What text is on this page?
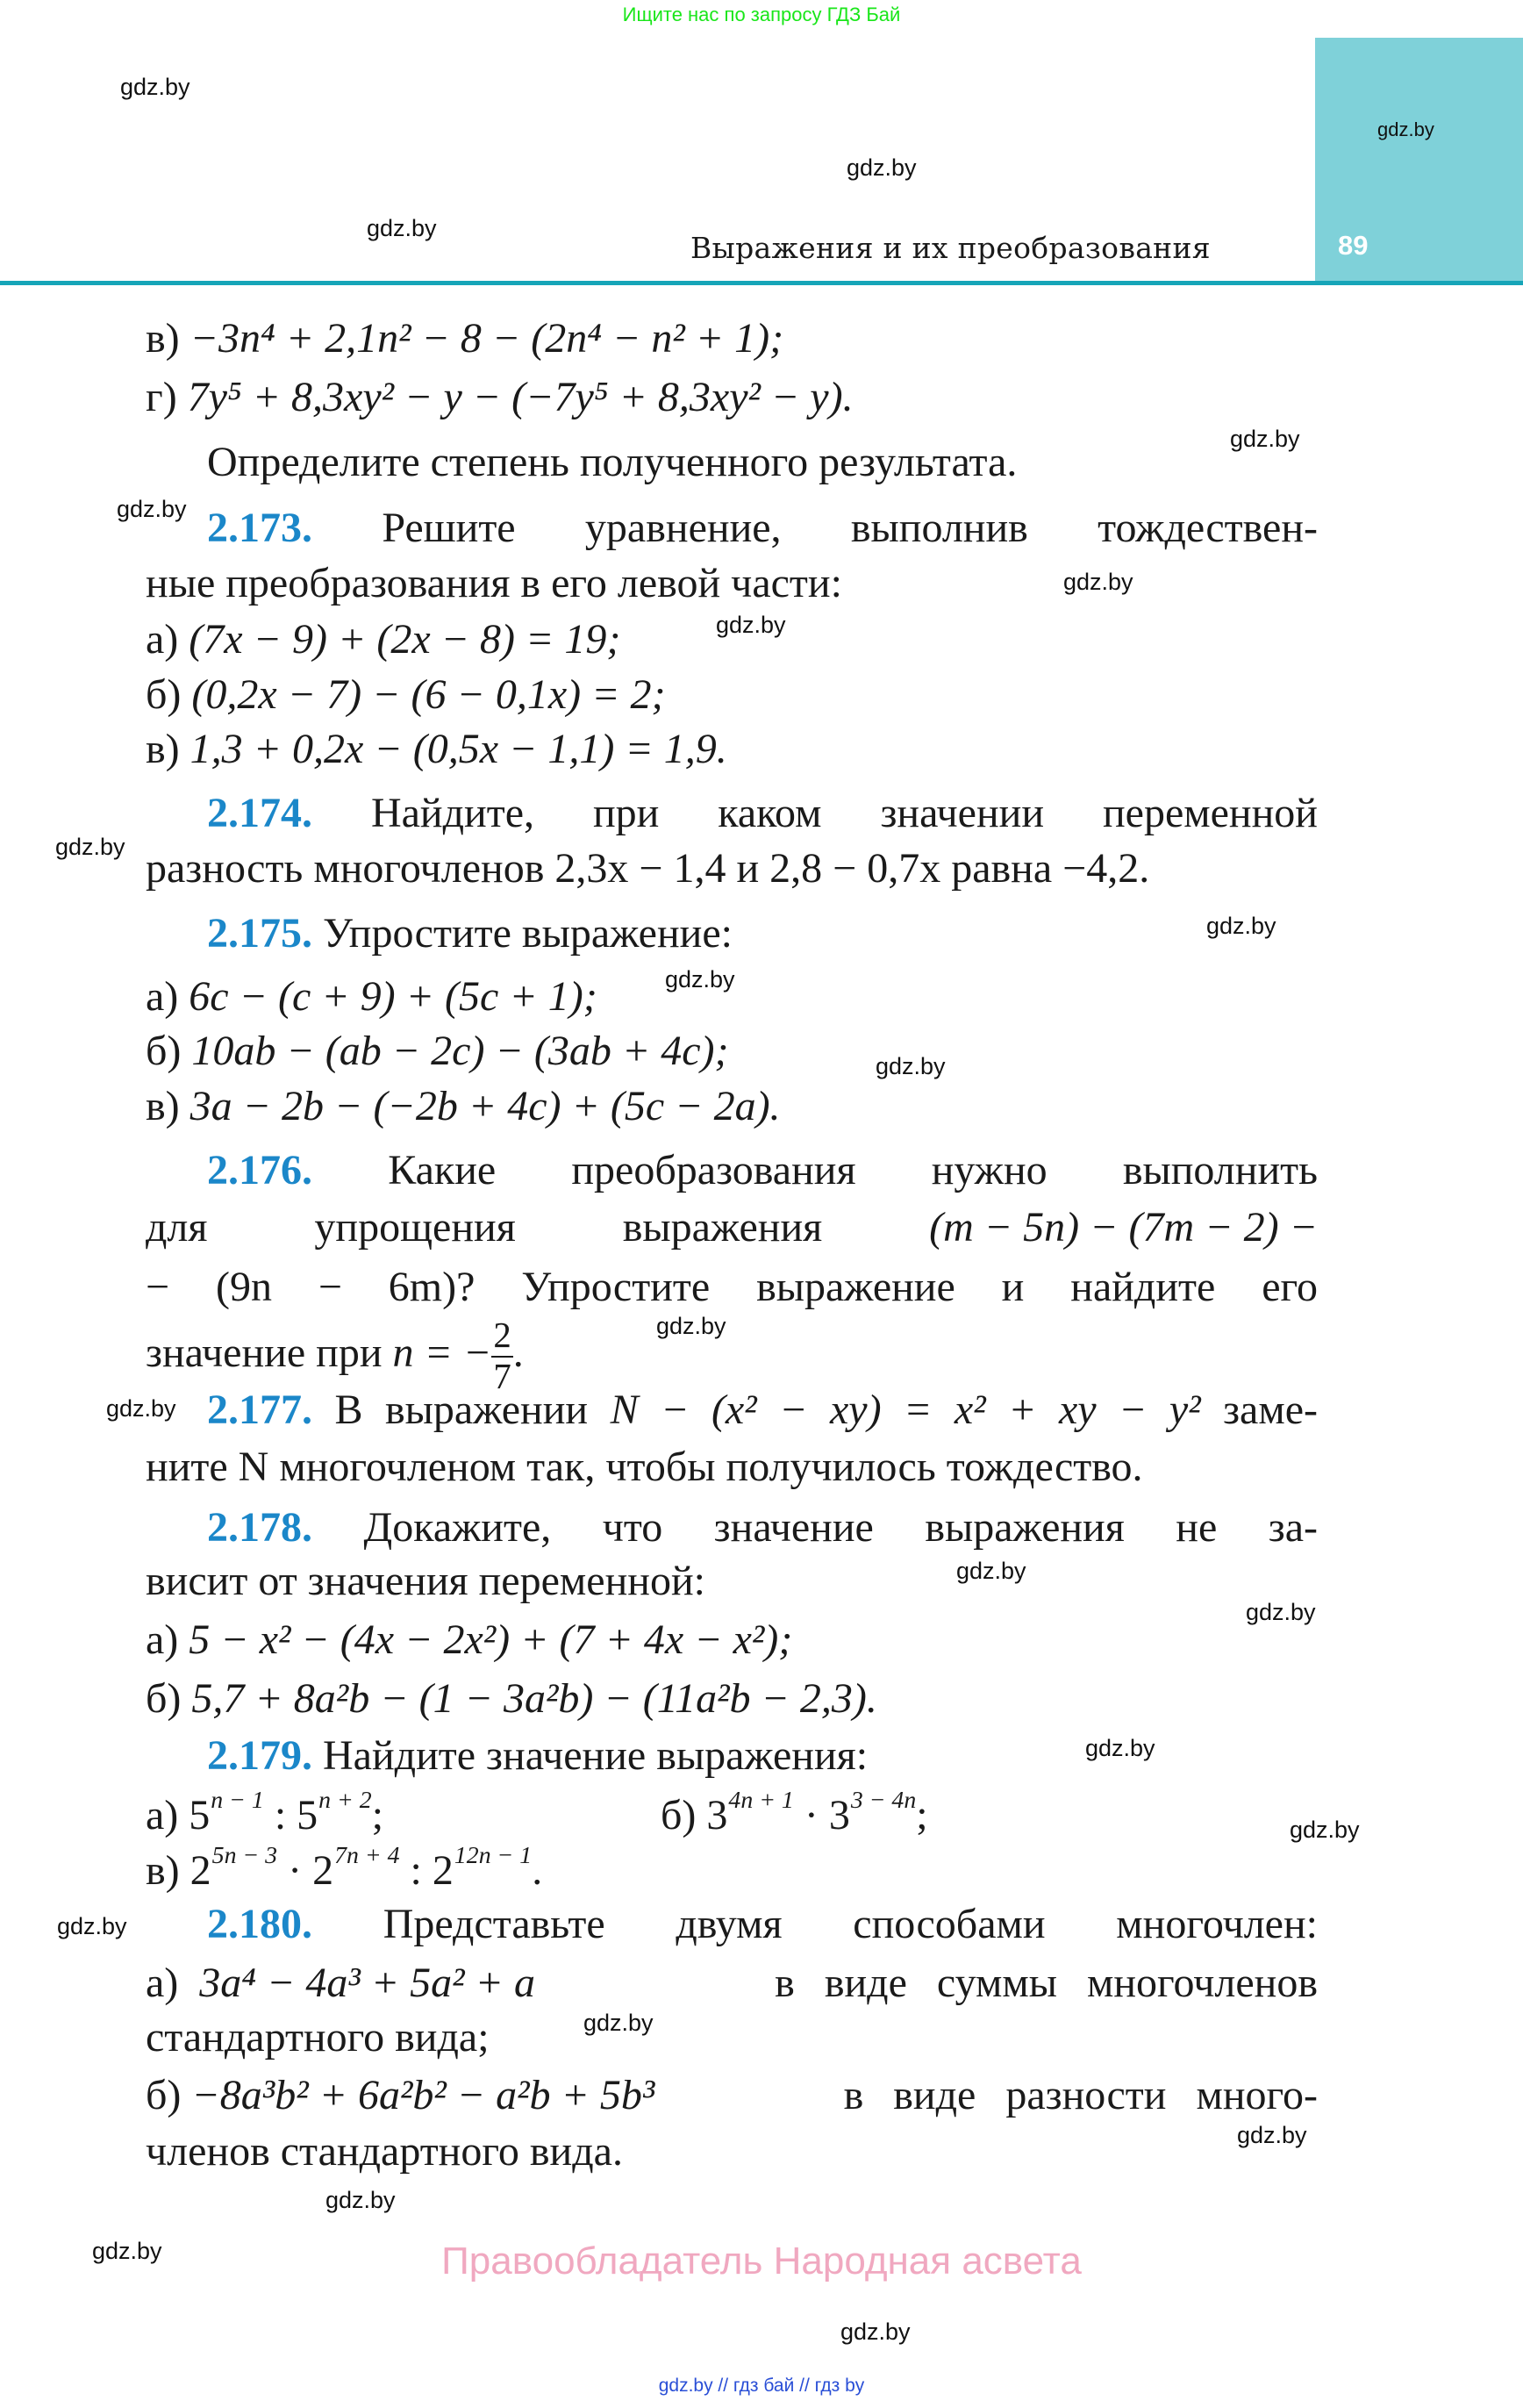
Ищите нас по запросу ГДЗ Бай
89
Выражения и их преобразования
gdz.by
gdz.by
gdz.by
gdz.by
gdz.by
gdz.by
gdz.by
gdz.by
gdz.by
gdz.by
gdz.by
gdz.by
gdz.by
gdz.by
gdz.by
gdz.by
gdz.by
gdz.by
gdz.by
gdz.by
gdz.by
gdz.by
gdz.by
gdz.by
в) −3n⁴ + 2,1n² − 8 − (2n⁴ − n² + 1);
г) 7y⁵ + 8,3xy² − y − (−7y⁵ + 8,3xy² − y).
Определите степень полученного результата.
2.173. Решите уравнение, выполнив тождествен-
ные преобразования в его левой части:
а) (7x − 9) + (2x − 8) = 19;
б) (0,2x − 7) − (6 − 0,1x) = 2;
в) 1,3 + 0,2x − (0,5x − 1,1) = 1,9.
2.174. Найдите, при каком значении переменной
разность многочленов 2,3x − 1,4 и 2,8 − 0,7x равна −4,2.
2.175. Упростите выражение:
а) 6c − (c + 9) + (5c + 1);
б) 10ab − (ab − 2c) − (3ab + 4c);
в) 3a − 2b − (−2b + 4c) + (5c − 2a).
2.176. Какие преобразования нужно выполнить
для	упрощения	выражения	(m − 5n) − (7m − 2) −
− (9n − 6m)? Упростите выражение и найдите его
значение при n = − $\frac{2}{7}$ .
2.177. В выражении N − (x² − xy) = x² + xy − y² заме-
ните N многочленом так, чтобы получилось тождество.
2.178. Докажите, что значение выражения не за-
висит от значения переменной:
а) 5 − x² − (4x − 2x²) + (7 + 4x − x²);
б) 5,7 + 8a²b − (1 − 3a²b) − (11a²b − 2,3).
2.179. Найдите значение выражения:
а) $5^{n - 1}$ : $5^{n + 2}$;	б) $3^{4n + 1} \cdot 3^{3 - 4n}$;
в) $2^{5n - 3} \cdot 2^{7n + 4}$ : $2^{12n - 1}$.
2.180. Представьте двумя способами многочлен:
а) 3a⁴ − 4a³ + 5a² + a	в виде суммы многочленов
стандартного вида;
б) −8a³b² + 6a²b² − a²b + 5b³	в виде разности много-
членов стандартного вида.
Правообладатель Народная асвета
gdz.by // гдз бай // гдз by
